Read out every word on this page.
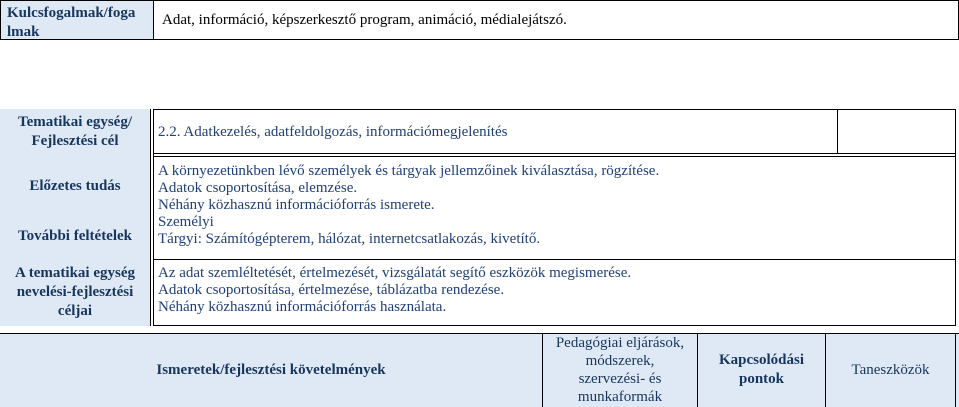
Kulcsfogalmak/foga
lmak
Adat, információ, képszerkesztő program, animáció, médialejátszó.
Tematikai egység/
Fejlesztési cél
Előzetes tudás
További feltételek
A tematikai egység
nevelési-fejlesztési
céljai
2.2. Adatkezelés, adatfeldolgozás, információmegjelenítés
A környezetünkben lévő személyek és tárgyak jellemzőinek kiválasztása, rögzítése.
Adatok csoportosítása, elemzése.
Néhány közhasznú információforrás ismerete.
Személyi
Tárgyi: Számítógépterem, hálózat, internetcsatlakozás, kivetítő.
Az adat szemléltetését, értelmezését, vizsgálatát segítő eszközök megismerése.
Adatok csoportosítása, értelmezése, táblázatba rendezése.
Néhány közhasznú információforrás használata.
Ismeretek/fejlesztési követelmények
Pedagógiai eljárások,
módszerek,
szervezési- és
munkaformák
Kapcsolódási
pontok
Taneszközök
